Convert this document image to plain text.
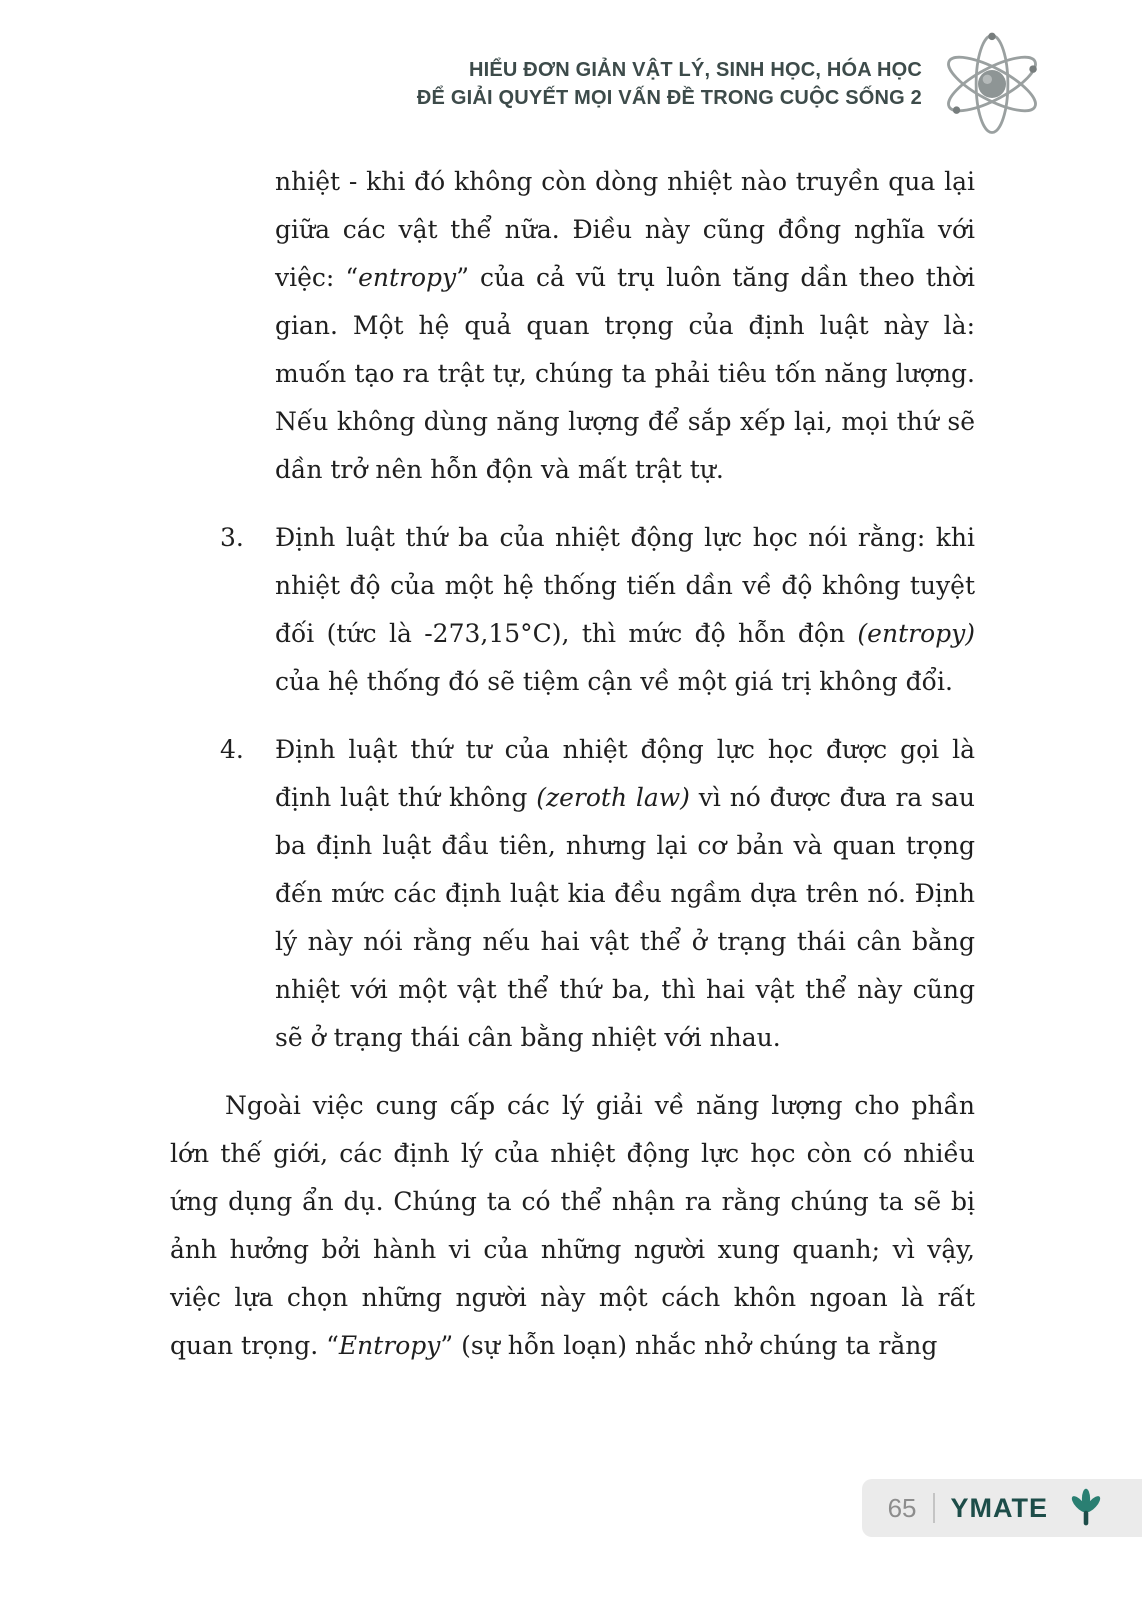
HIỂU ĐƠN GIẢN VẬT LÝ, SINH HỌC, HÓA HỌC
ĐỂ GIẢI QUYẾT MỌI VẤN ĐỀ TRONG CUỘC SỐNG 2

nhiệt - khi đó không còn dòng nhiệt nào truyền qua lại giữa các vật thể nữa. Điều này cũng đồng nghĩa với việc: “entropy” của cả vũ trụ luôn tăng dần theo thời gian. Một hệ quả quan trọng của định luật này là: muốn tạo ra trật tự, chúng ta phải tiêu tốn năng lượng. Nếu không dùng năng lượng để sắp xếp lại, mọi thứ sẽ dần trở nên hỗn độn và mất trật tự.

3.	Định luật thứ ba của nhiệt động lực học nói rằng: khi nhiệt độ của một hệ thống tiến dần về độ không tuyệt đối (tức là -273,15°C), thì mức độ hỗn độn (entropy) của hệ thống đó sẽ tiệm cận về một giá trị không đổi.

4.	Định luật thứ tư của nhiệt động lực học được gọi là định luật thứ không (zeroth law) vì nó được đưa ra sau ba định luật đầu tiên, nhưng lại cơ bản và quan trọng đến mức các định luật kia đều ngầm dựa trên nó. Định lý này nói rằng nếu hai vật thể ở trạng thái cân bằng nhiệt với một vật thể thứ ba, thì hai vật thể này cũng sẽ ở trạng thái cân bằng nhiệt với nhau.

Ngoài việc cung cấp các lý giải về năng lượng cho phần lớn thế giới, các định lý của nhiệt động lực học còn có nhiều ứng dụng ẩn dụ. Chúng ta có thể nhận ra rằng chúng ta sẽ bị ảnh hưởng bởi hành vi của những người xung quanh; vì vậy, việc lựa chọn những người này một cách khôn ngoan là rất quan trọng. “Entropy” (sự hỗn loạn) nhắc nhở chúng ta rằng

65 YMATE
